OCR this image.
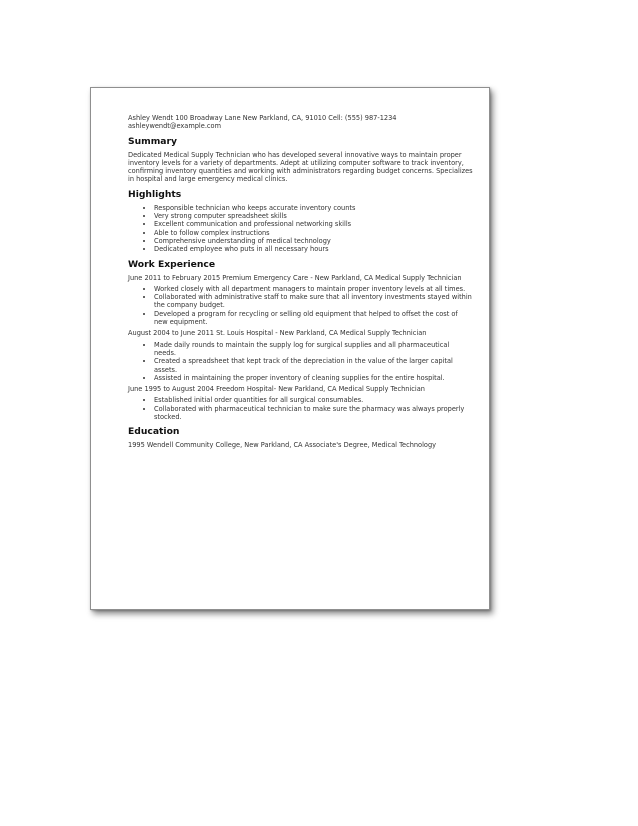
Ashley Wendt 100 Broadway Lane New Parkland, CA, 91010 Cell: (555) 987-1234

ashleywendt@example.com

Summary

Dedicated Medical Supply Technician who has developed several innovative ways to maintain proper inventory levels for a variety of departments. Adept at utilizing computer software to track inventory, confirming inventory quantities and working with administrators regarding budget concerns. Specializes in hospital and large emergency medical clinics.

Highlights
• Responsible technician who keeps accurate inventory counts
• Very strong computer spreadsheet skills
• Excellent communication and professional networking skills
• Able to follow complex instructions
• Comprehensive understanding of medical technology
• Dedicated employee who puts in all necessary hours
Work Experience

June 2011 to February 2015 Premium Emergency Care - New Parkland, CA Medical Supply Technician

• Worked closely with all department managers to maintain proper inventory levels at all times.
• Collaborated with administrative staff to make sure that all inventory investments stayed within the company budget.
• Developed a program for recycling or selling old equipment that helped to offset the cost of new equipment.

August 2004 to June 2011 St. Louis Hospital - New Parkland, CA Medical Supply Technician

• Made daily rounds to maintain the supply log for surgical supplies and all pharmaceutical needs.
• Created a spreadsheet that kept track of the depreciation in the value of the larger capital assets.
• Assisted in maintaining the proper inventory of cleaning supplies for the entire hospital.

June 1995 to August 2004 Freedom Hospital- New Parkland, CA Medical Supply Technician

• Established initial order quantities for all surgical consumables.
• Collaborated with pharmaceutical technician to make sure the pharmacy was always properly stocked.
Education

1995 Wendell Community College, New Parkland, CA Associate's Degree, Medical Technology
